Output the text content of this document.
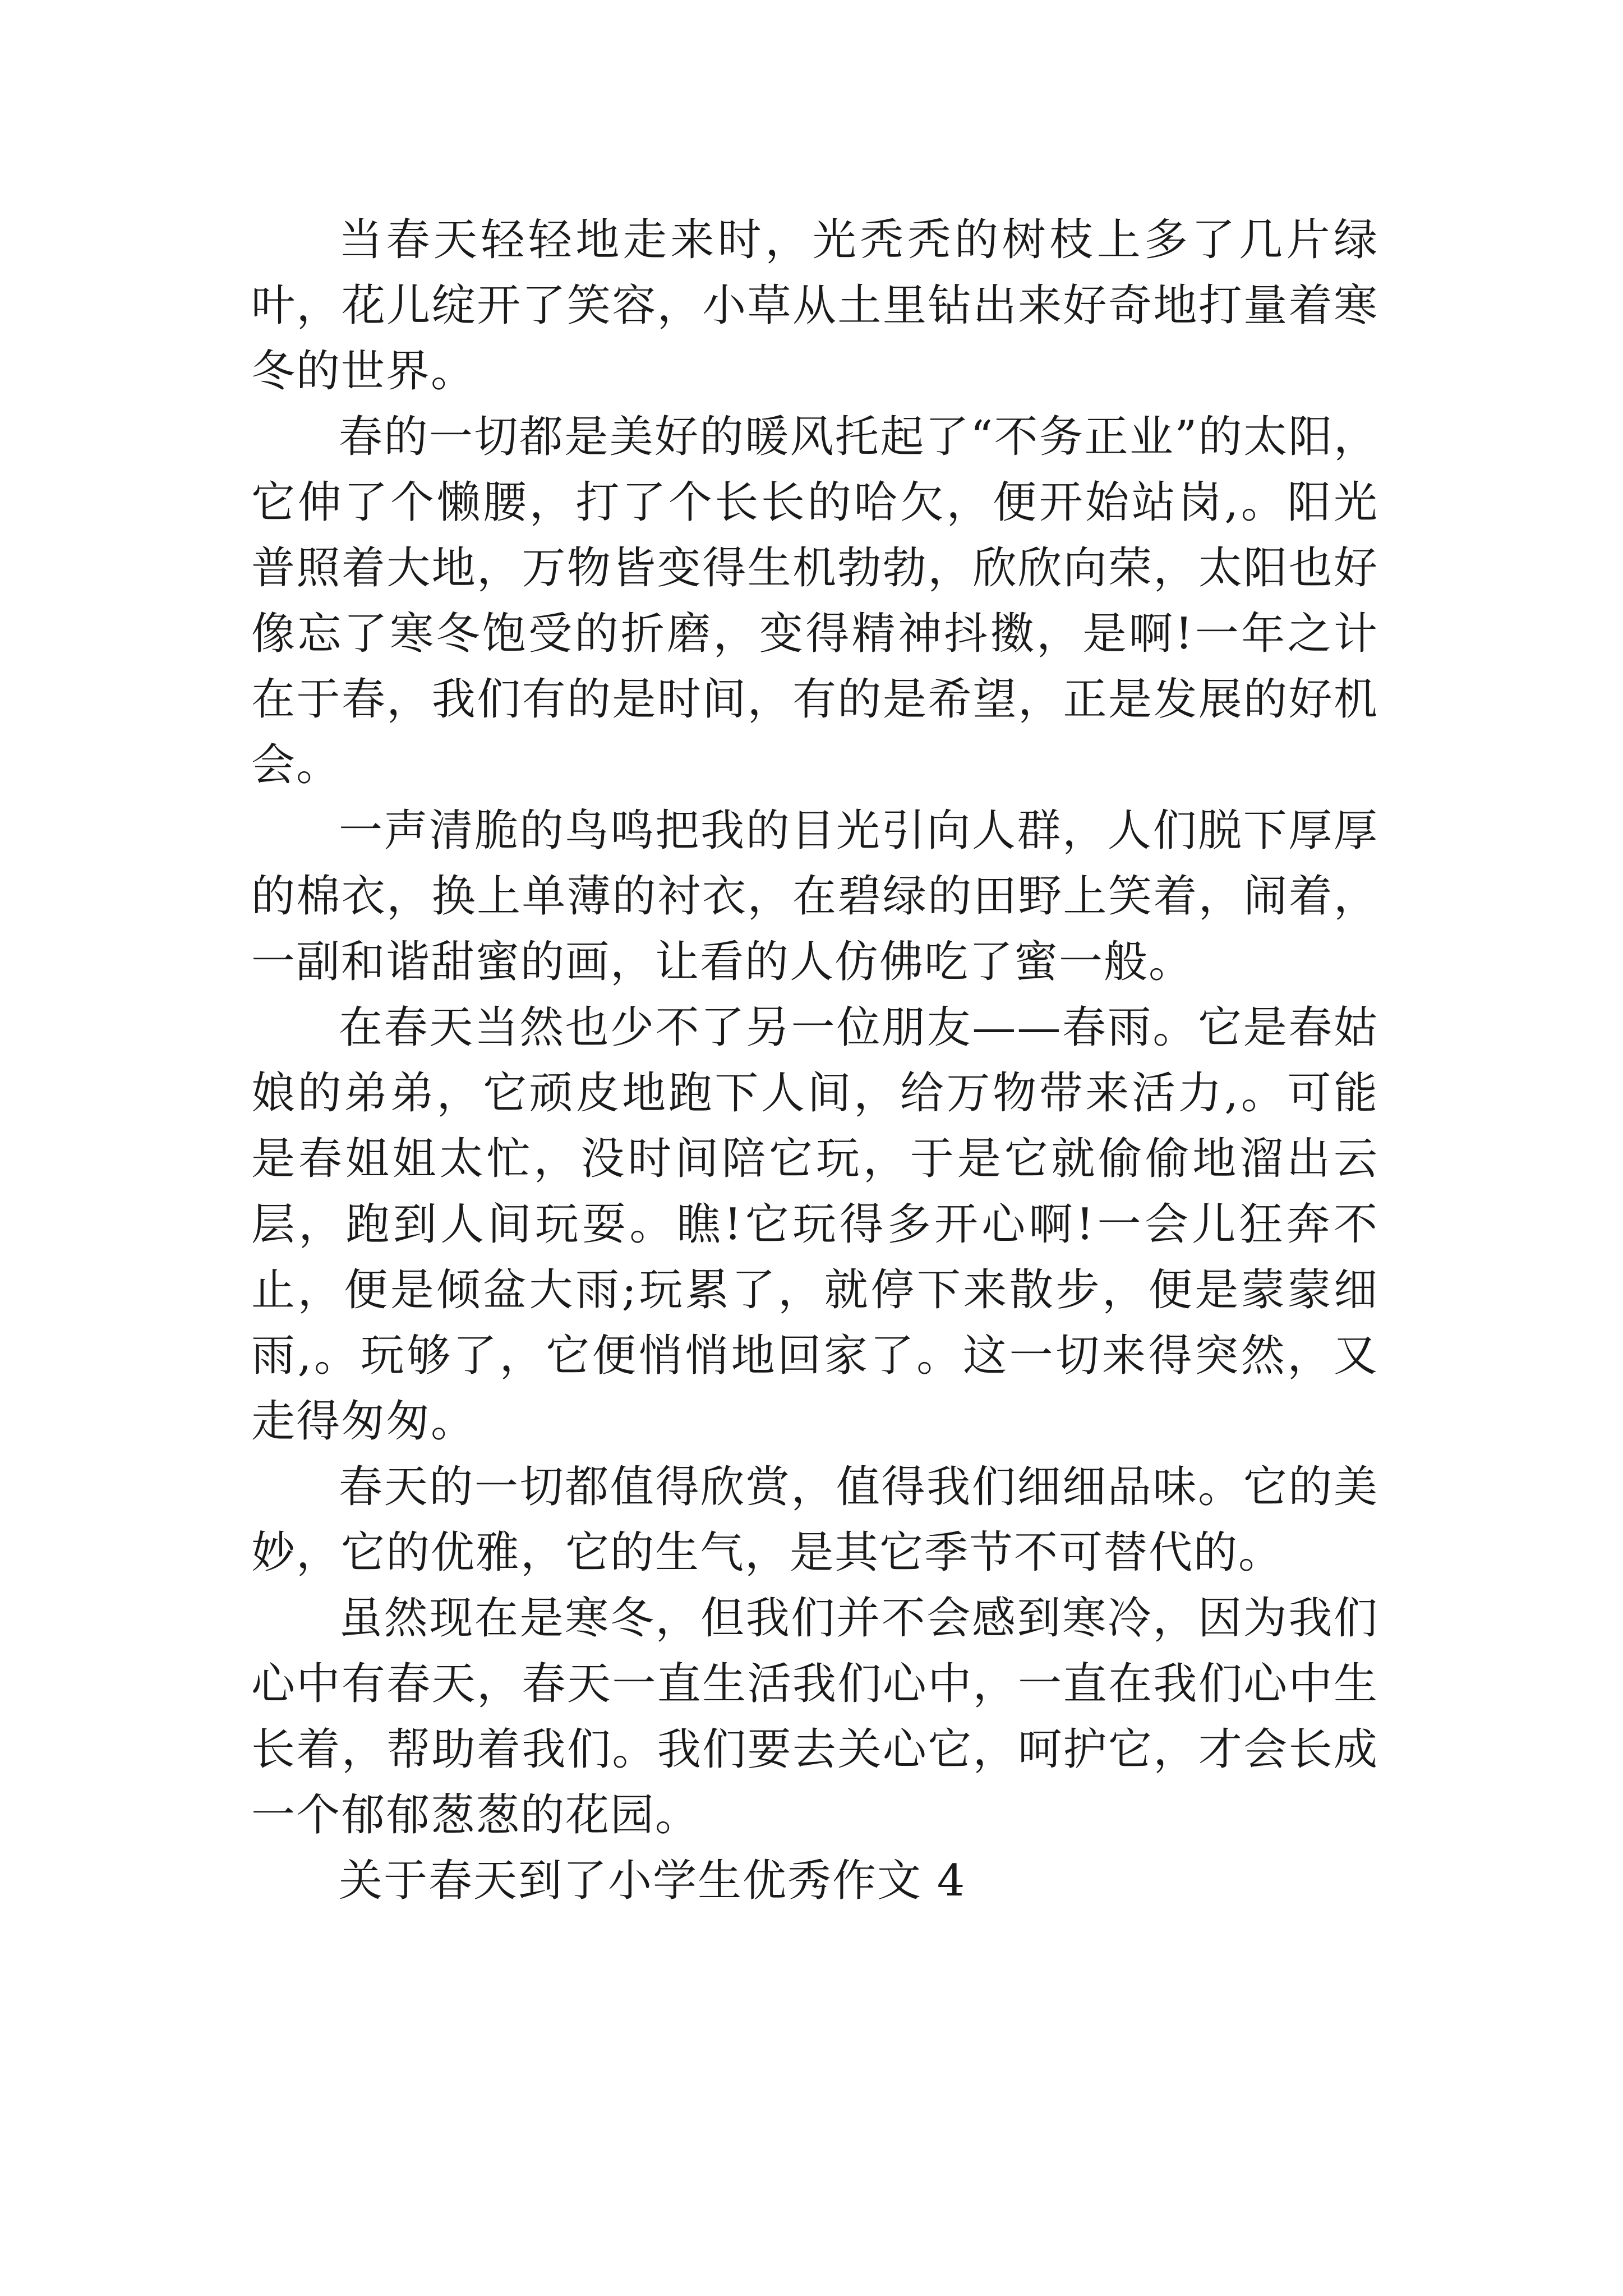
当春天轻轻地走来时，光秃秃的树枝上多了几片绿叶，花儿绽开了笑容，小草从土里钻出来好奇地打量着寒冬的世界。

春的一切都是美好的暖风托起了“不务正业”的太阳，它伸了个懒腰，打了个长长的哈欠，便开始站岗,。阳光普照着大地，万物皆变得生机勃勃，欣欣向荣，太阳也好像忘了寒冬饱受的折磨，变得精神抖擞，是啊!一年之计在于春，我们有的是时间，有的是希望，正是发展的好机会。

一声清脆的鸟鸣把我的目光引向人群，人们脱下厚厚的棉衣，换上单薄的衬衣，在碧绿的田野上笑着，闹着，一副和谐甜蜜的画，让看的人仿佛吃了蜜一般。

在春天当然也少不了另一位朋友——春雨。它是春姑娘的弟弟，它顽皮地跑下人间，给万物带来活力,。可能是春姐姐太忙，没时间陪它玩，于是它就偷偷地溜出云层，跑到人间玩耍。瞧!它玩得多开心啊!一会儿狂奔不止，便是倾盆大雨;玩累了，就停下来散步，便是蒙蒙细雨,。玩够了，它便悄悄地回家了。这一切来得突然，又走得匆匆。

春天的一切都值得欣赏，值得我们细细品味。它的美妙，它的优雅，它的生气，是其它季节不可替代的。

虽然现在是寒冬，但我们并不会感到寒冷，因为我们心中有春天，春天一直生活我们心中，一直在我们心中生长着，帮助着我们。我们要去关心它，呵护它，才会长成一个郁郁葱葱的花园。

关于春天到了小学生优秀作文 4
